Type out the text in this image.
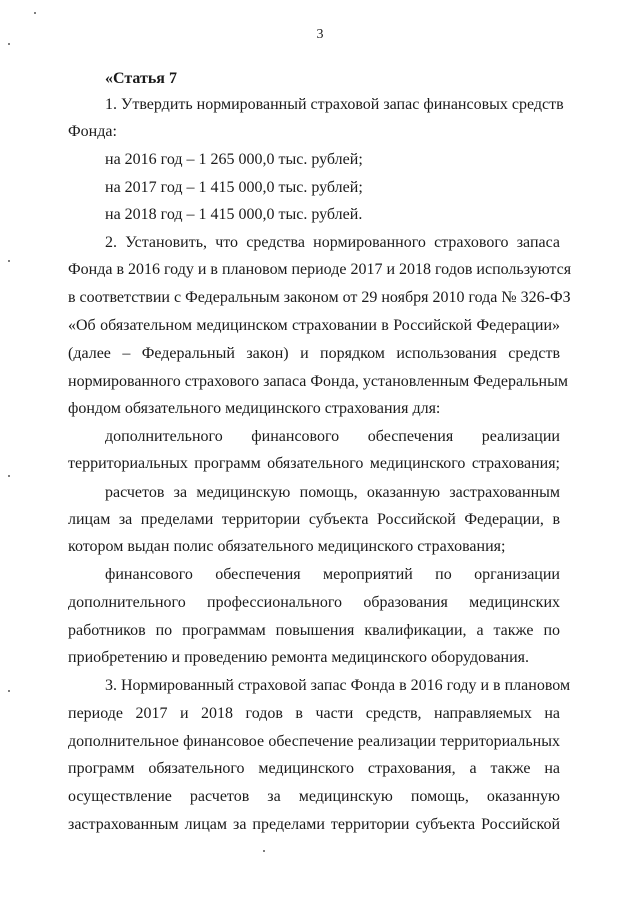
3
«Статья 7
1. Утвердить нормированный страховой запас финансовых средств
Фонда:
на 2016 год – 1 265 000,0 тыс. рублей;
на 2017 год – 1 415 000,0 тыс. рублей;
на 2018 год – 1 415 000,0 тыс. рублей.
2. Установить, что средства нормированного страхового запаса
Фонда в 2016 году и в плановом периоде 2017 и 2018 годов используются
в соответствии с Федеральным законом от 29 ноября 2010 года № 326-ФЗ
«Об обязательном медицинском страховании в Российской Федерации»
(далее – Федеральный закон) и порядком использования средств
нормированного страхового запаса Фонда, установленным Федеральным
фондом обязательного медицинского страхования для:
дополнительного финансового обеспечения реализации
территориальных программ обязательного медицинского страхования;
расчетов за медицинскую помощь, оказанную застрахованным
лицам за пределами территории субъекта Российской Федерации, в
котором выдан полис обязательного медицинского страхования;
финансового обеспечения мероприятий по организации
дополнительного профессионального образования медицинских
работников по программам повышения квалификации, а также по
приобретению и проведению ремонта медицинского оборудования.
3. Нормированный страховой запас Фонда в 2016 году и в плановом
периоде 2017 и 2018 годов в части средств, направляемых на
дополнительное финансовое обеспечение реализации территориальных
программ обязательного медицинского страхования, а также на
осуществление расчетов за медицинскую помощь, оказанную
застрахованным лицам за пределами территории субъекта Российской
